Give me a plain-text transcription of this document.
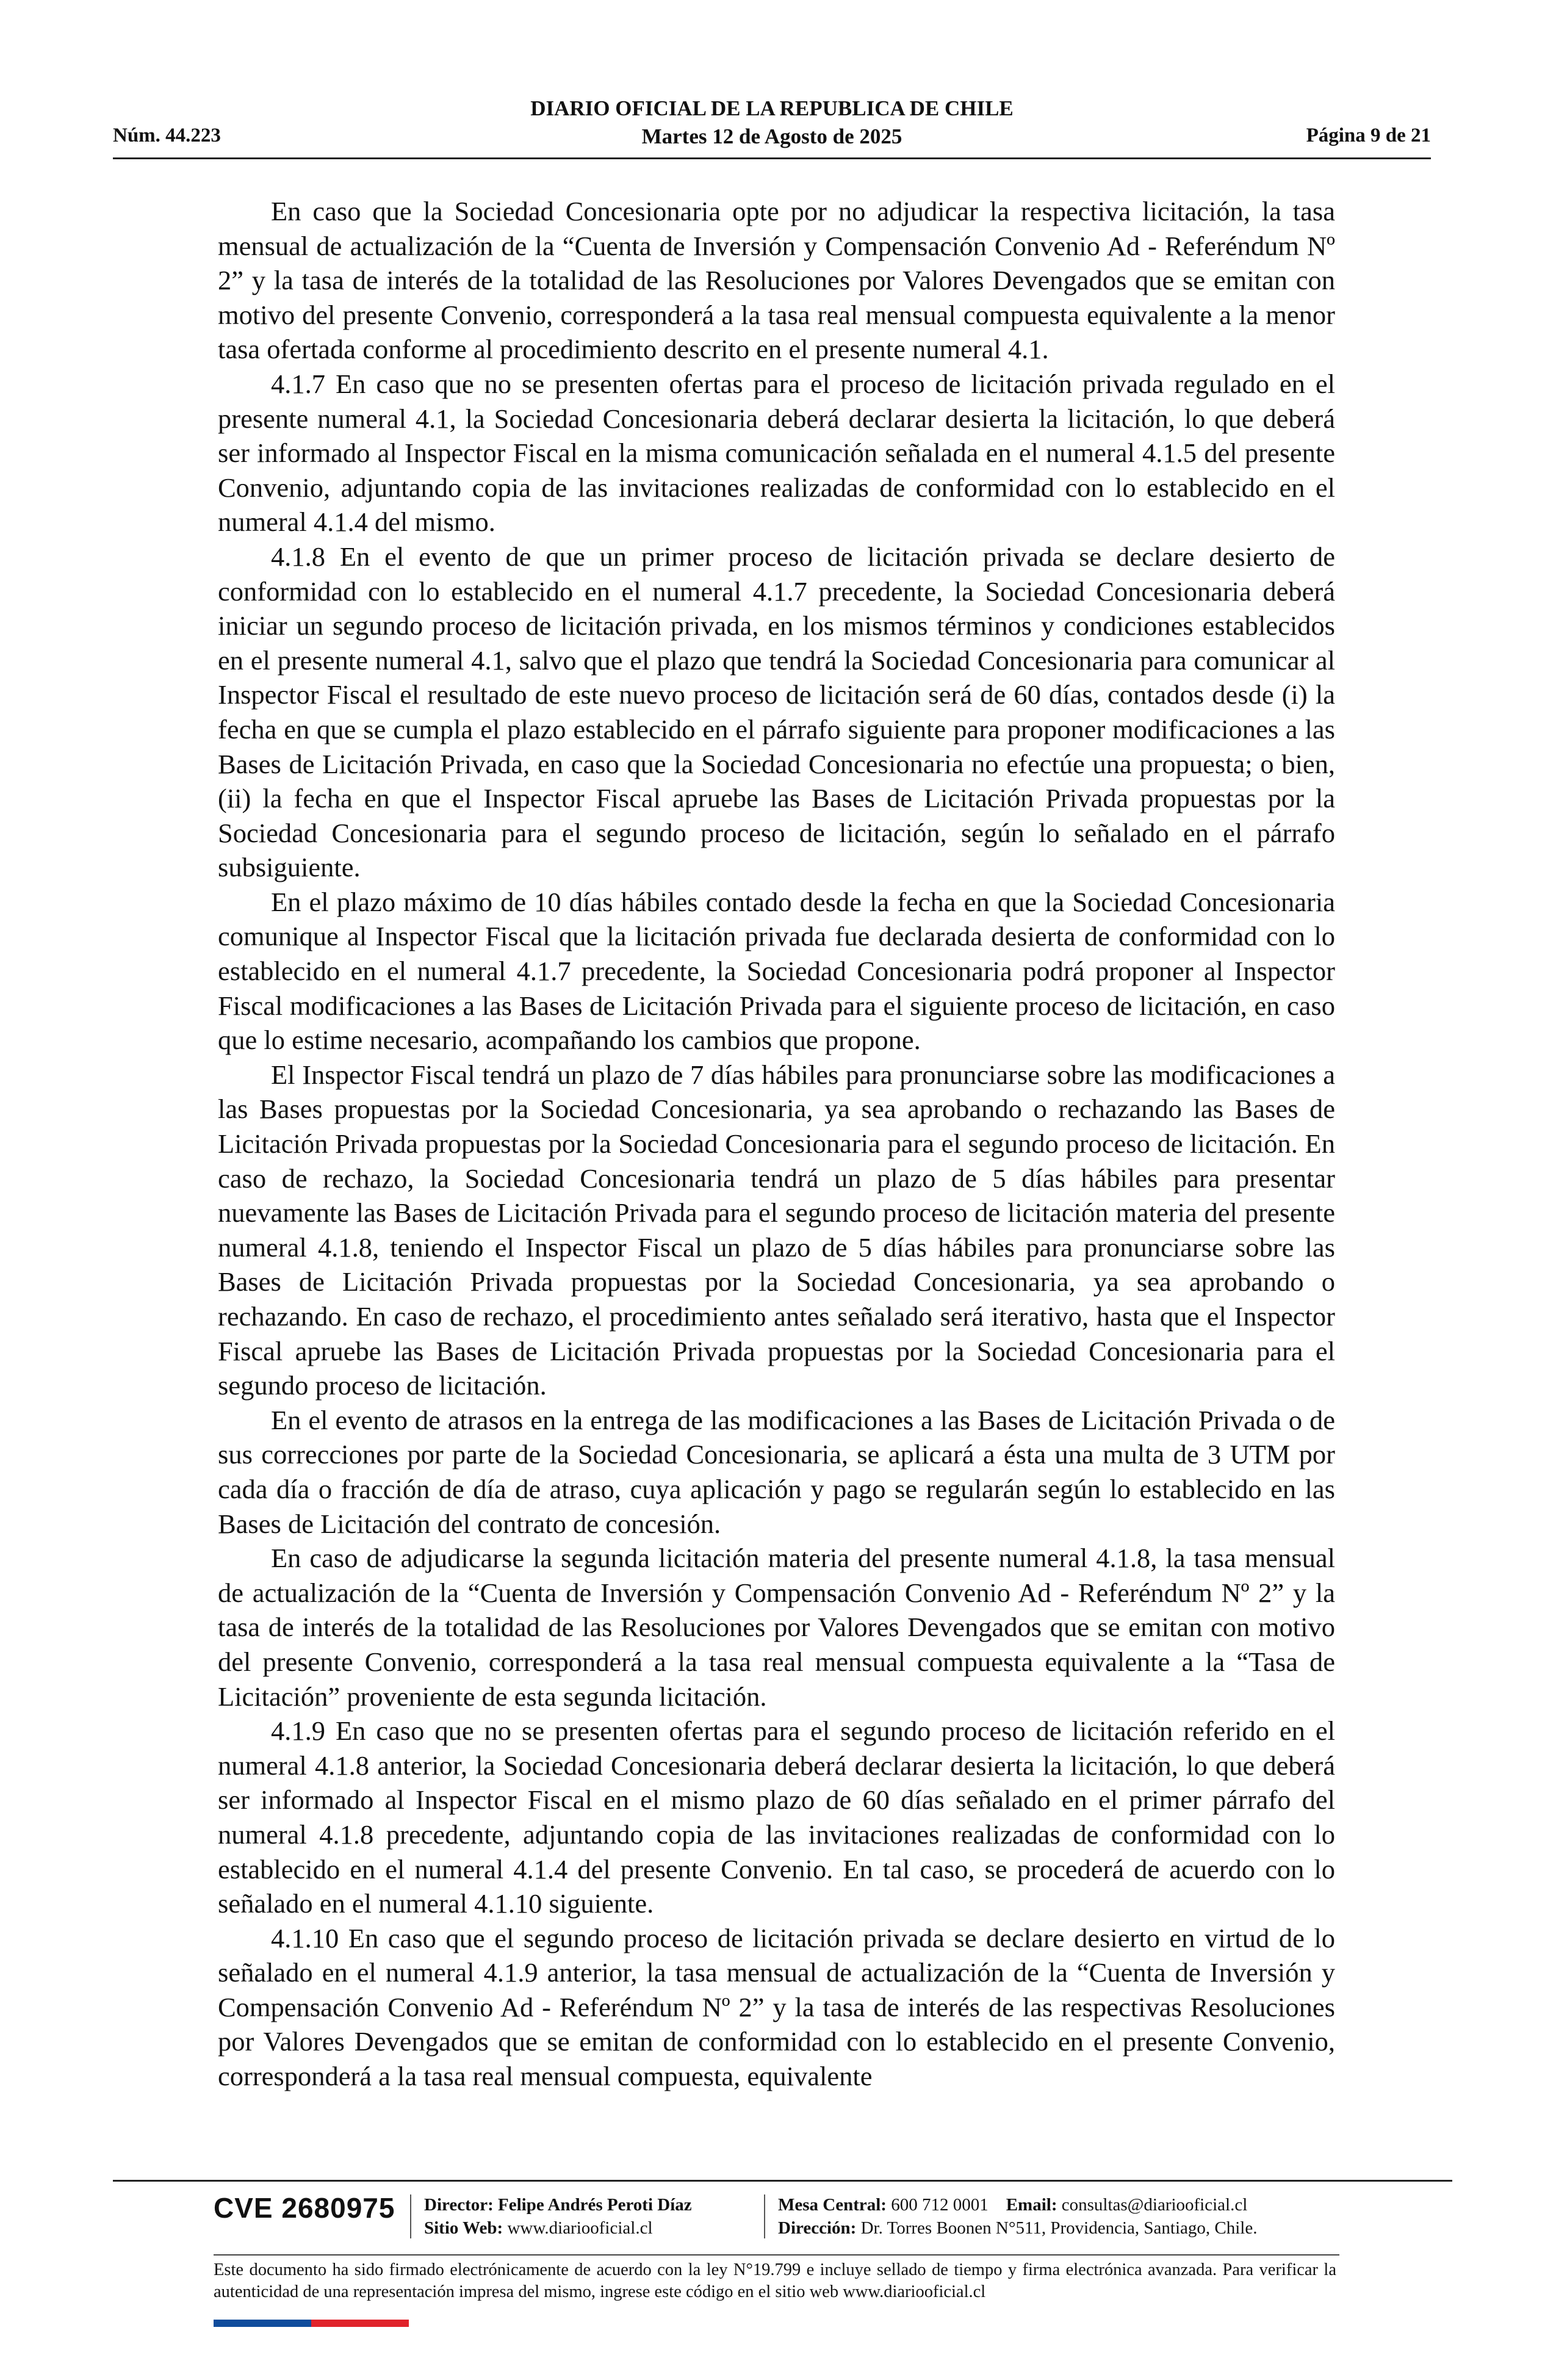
Núm. 44.223
DIARIO OFICIAL DE LA REPUBLICA DE CHILE
Martes 12 de Agosto de 2025	Página 9 de 21

En caso que la Sociedad Concesionaria opte por no adjudicar la respectiva licitación, la tasa mensual de actualización de la “Cuenta de Inversión y Compensación Convenio Ad - Referéndum Nº 2” y la tasa de interés de la totalidad de las Resoluciones por Valores Devengados que se emitan con motivo del presente Convenio, corresponderá a la tasa real mensual compuesta equivalente a la menor tasa ofertada conforme al procedimiento descrito en el presente numeral 4.1.

4.1.7 En caso que no se presenten ofertas para el proceso de licitación privada regulado en el presente numeral 4.1, la Sociedad Concesionaria deberá declarar desierta la licitación, lo que deberá ser informado al Inspector Fiscal en la misma comunicación señalada en el numeral 4.1.5 del presente Convenio, adjuntando copia de las invitaciones realizadas de conformidad con lo establecido en el numeral 4.1.4 del mismo.

4.1.8 En el evento de que un primer proceso de licitación privada se declare desierto de conformidad con lo establecido en el numeral 4.1.7 precedente, la Sociedad Concesionaria deberá iniciar un segundo proceso de licitación privada, en los mismos términos y condiciones establecidos en el presente numeral 4.1, salvo que el plazo que tendrá la Sociedad Concesionaria para comunicar al Inspector Fiscal el resultado de este nuevo proceso de licitación será de 60 días, contados desde (i) la fecha en que se cumpla el plazo establecido en el párrafo siguiente para proponer modificaciones a las Bases de Licitación Privada, en caso que la Sociedad Concesionaria no efectúe una propuesta; o bien, (ii) la fecha en que el Inspector Fiscal apruebe las Bases de Licitación Privada propuestas por la Sociedad Concesionaria para el segundo proceso de licitación, según lo señalado en el párrafo subsiguiente.

En el plazo máximo de 10 días hábiles contado desde la fecha en que la Sociedad Concesionaria comunique al Inspector Fiscal que la licitación privada fue declarada desierta de conformidad con lo establecido en el numeral 4.1.7 precedente, la Sociedad Concesionaria podrá proponer al Inspector Fiscal modificaciones a las Bases de Licitación Privada para el siguiente proceso de licitación, en caso que lo estime necesario, acompañando los cambios que propone.

El Inspector Fiscal tendrá un plazo de 7 días hábiles para pronunciarse sobre las modificaciones a las Bases propuestas por la Sociedad Concesionaria, ya sea aprobando o rechazando las Bases de Licitación Privada propuestas por la Sociedad Concesionaria para el segundo proceso de licitación. En caso de rechazo, la Sociedad Concesionaria tendrá un plazo de 5 días hábiles para presentar nuevamente las Bases de Licitación Privada para el segundo proceso de licitación materia del presente numeral 4.1.8, teniendo el Inspector Fiscal un plazo de 5 días hábiles para pronunciarse sobre las Bases de Licitación Privada propuestas por la Sociedad Concesionaria, ya sea aprobando o rechazando. En caso de rechazo, el procedimiento antes señalado será iterativo, hasta que el Inspector Fiscal apruebe las Bases de Licitación Privada propuestas por la Sociedad Concesionaria para el segundo proceso de licitación.

En el evento de atrasos en la entrega de las modificaciones a las Bases de Licitación Privada o de sus correcciones por parte de la Sociedad Concesionaria, se aplicará a ésta una multa de 3 UTM por cada día o fracción de día de atraso, cuya aplicación y pago se regularán según lo establecido en las Bases de Licitación del contrato de concesión.

En caso de adjudicarse la segunda licitación materia del presente numeral 4.1.8, la tasa mensual de actualización de la “Cuenta de Inversión y Compensación Convenio Ad - Referéndum Nº 2” y la tasa de interés de la totalidad de las Resoluciones por Valores Devengados que se emitan con motivo del presente Convenio, corresponderá a la tasa real mensual compuesta equivalente a la “Tasa de Licitación” proveniente de esta segunda licitación.

4.1.9 En caso que no se presenten ofertas para el segundo proceso de licitación referido en el numeral 4.1.8 anterior, la Sociedad Concesionaria deberá declarar desierta la licitación, lo que deberá ser informado al Inspector Fiscal en el mismo plazo de 60 días señalado en el primer párrafo del numeral 4.1.8 precedente, adjuntando copia de las invitaciones realizadas de conformidad con lo establecido en el numeral 4.1.4 del presente Convenio. En tal caso, se procederá de acuerdo con lo señalado en el numeral 4.1.10 siguiente.

4.1.10 En caso que el segundo proceso de licitación privada se declare desierto en virtud de lo señalado en el numeral 4.1.9 anterior, la tasa mensual de actualización de la “Cuenta de Inversión y Compensación Convenio Ad - Referéndum Nº 2” y la tasa de interés de las respectivas Resoluciones por Valores Devengados que se emitan de conformidad con lo establecido en el presente Convenio, corresponderá a la tasa real mensual compuesta, equivalente

CVE 2680975 Director: Felipe Andrés Peroti Díaz
Sitio Web: www.diariooficial.cl
Mesa Central: 600 712 0001 Email: consultas@diariooficial.cl
Dirección: Dr. Torres Boonen N°511, Providencia, Santiago, Chile.
Este documento ha sido firmado electrónicamente de acuerdo con la ley N°19.799 e incluye sellado de tiempo y firma electrónica avanzada. Para verificar la autenticidad de una representación impresa del mismo, ingrese este código en el sitio web www.diariooficial.cl
